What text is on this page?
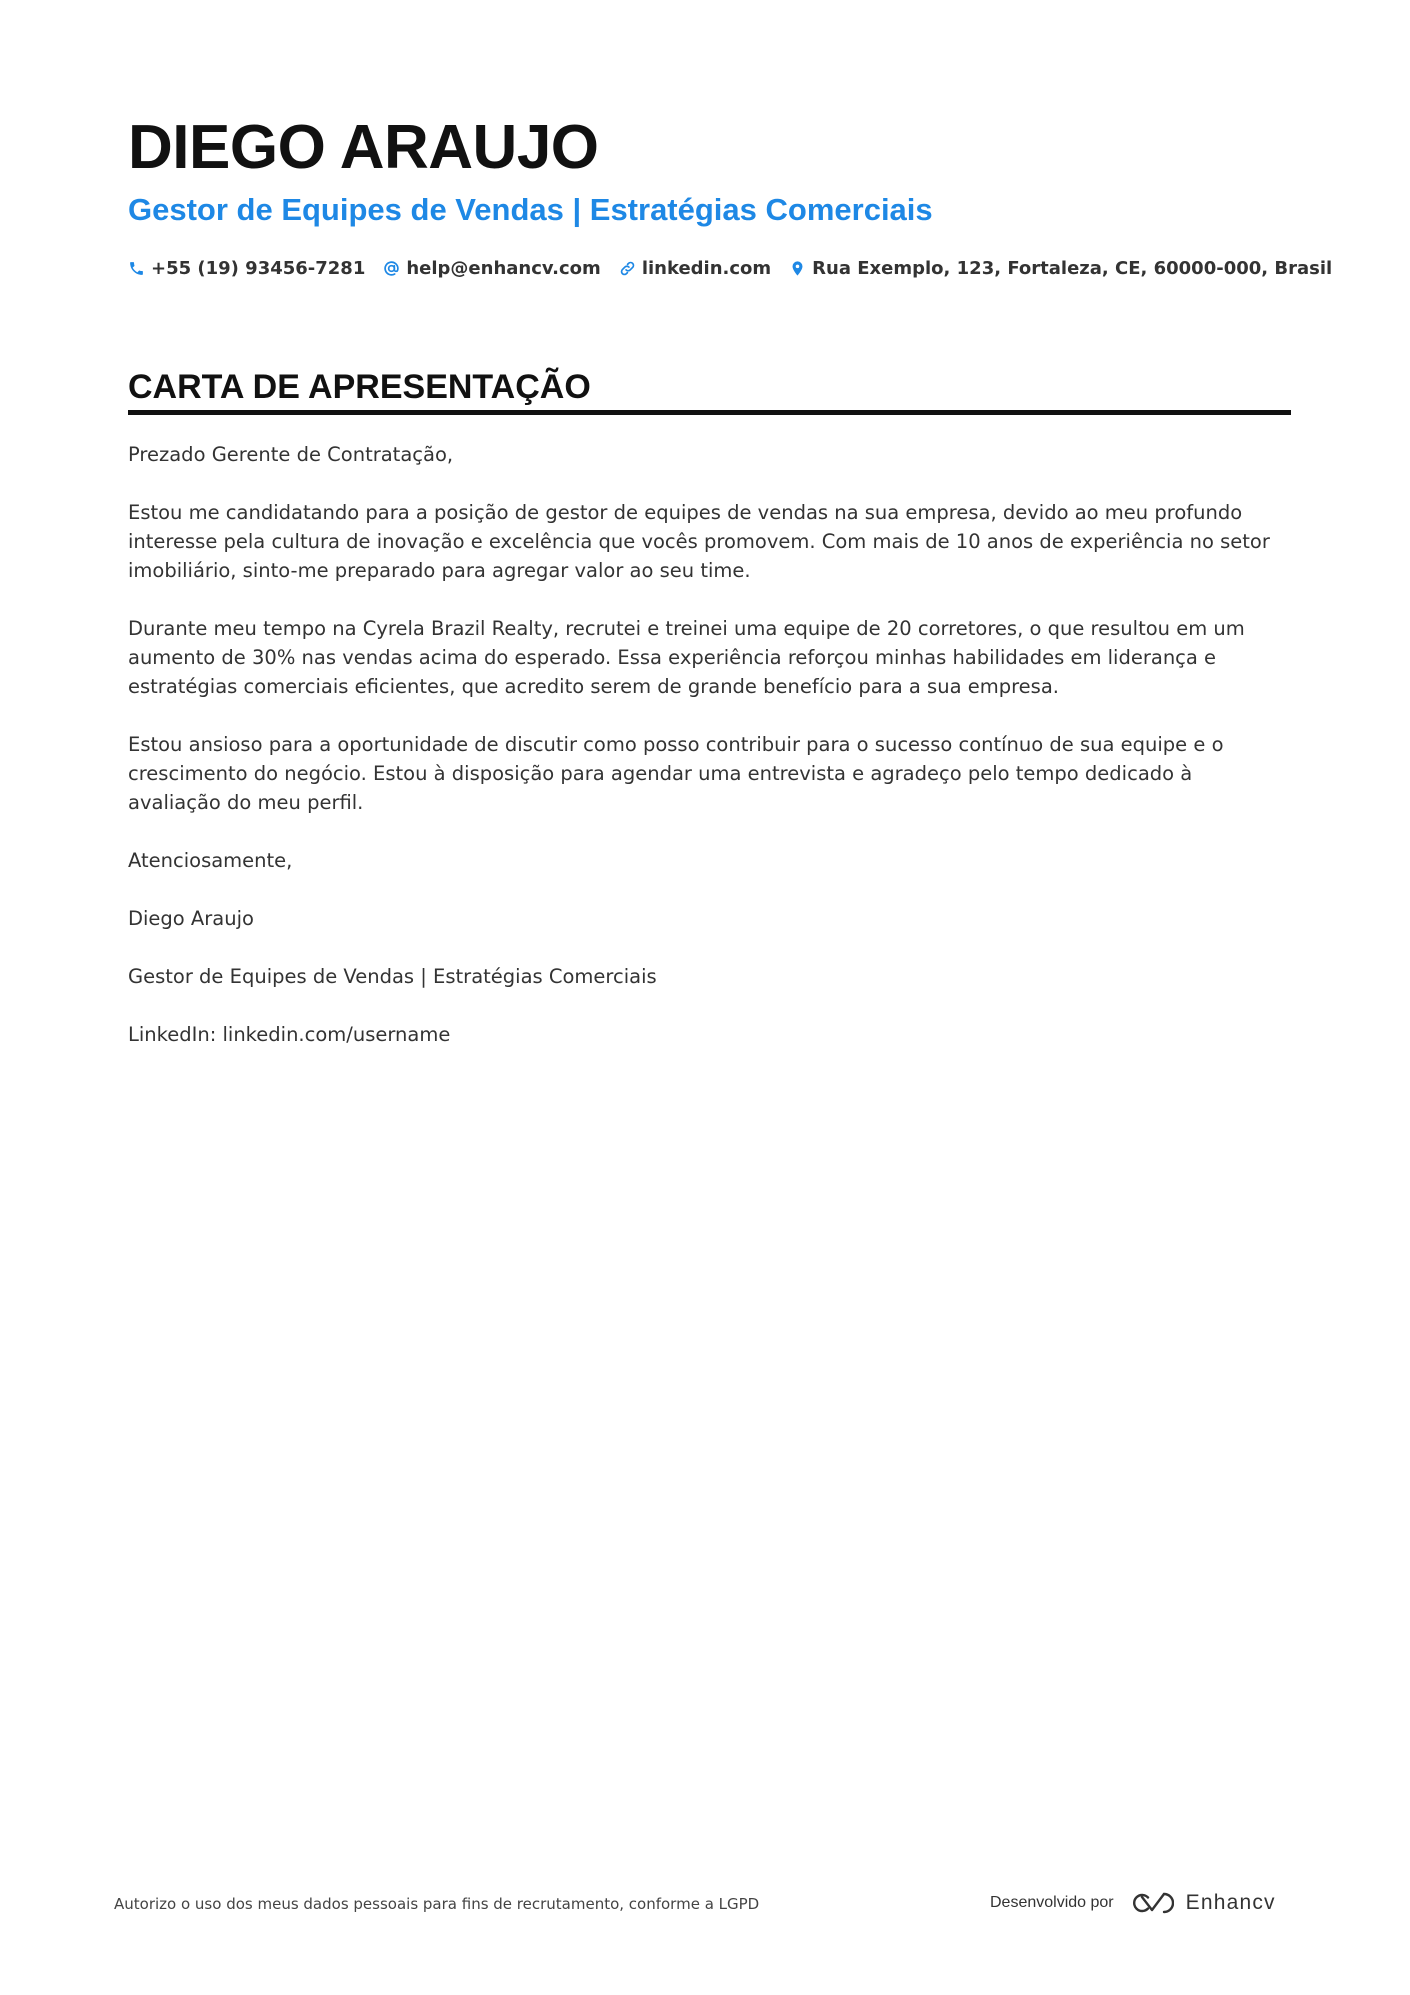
DIEGO ARAUJO
Gestor de Equipes de Vendas | Estratégias Comerciais
+55 (19) 93456-7281 help@enhancv.com linkedin.com Rua Exemplo, 123, Fortaleza, CE, 60000-000, Brasil
CARTA DE APRESENTAÇÃO

Prezado Gerente de Contratação,

Estou me candidatando para a posição de gestor de equipes de vendas na sua empresa, devido ao meu profundo interesse pela cultura de inovação e excelência que vocês promovem. Com mais de 10 anos de experiência no setor imobiliário, sinto-me preparado para agregar valor ao seu time.

Durante meu tempo na Cyrela Brazil Realty, recrutei e treinei uma equipe de 20 corretores, o que resultou em um aumento de 30% nas vendas acima do esperado. Essa experiência reforçou minhas habilidades em liderança e estratégias comerciais eficientes, que acredito serem de grande benefício para a sua empresa.

Estou ansioso para a oportunidade de discutir como posso contribuir para o sucesso contínuo de sua equipe e o crescimento do negócio. Estou à disposição para agendar uma entrevista e agradeço pelo tempo dedicado à avaliação do meu perfil.

Atenciosamente,

Diego Araujo

Gestor de Equipes de Vendas | Estratégias Comerciais

LinkedIn: linkedin.com/username

Autorizo o uso dos meus dados pessoais para fins de recrutamento, conforme a LGPD	Desenvolvido por	Enhancv
